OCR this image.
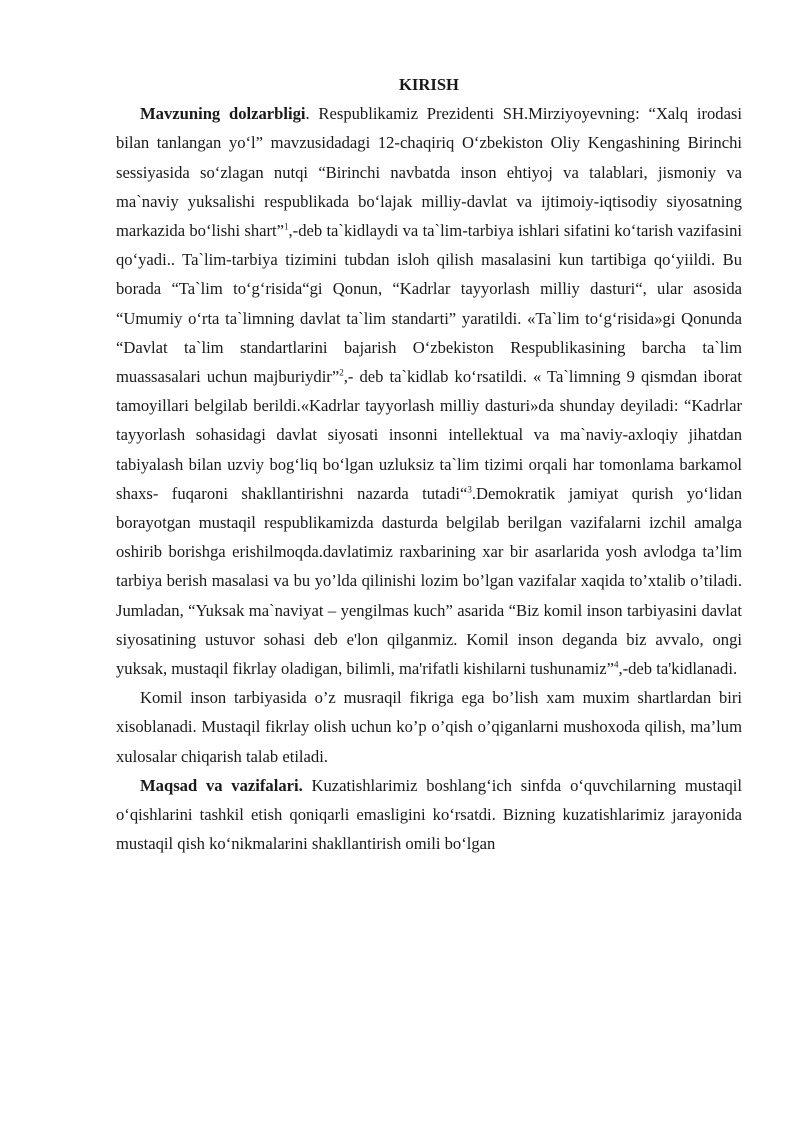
KIRISH

Mavzuning dolzarbligi. Respublikamiz Prezidenti SH.Mirziyoyevning: “Xalq irodasi bilan tanlangan yo‘l” mavzusidadagi 12-chaqiriq O‘zbekiston Oliy Kengashining Birinchi sessiyasida so‘zlagan nutqi “Birinchi navbatda inson ehtiyoj va talablari, jismoniy va ma`naviy yuksalishi respublikada bo‘lajak milliy-davlat va ijtimoiy-iqtisodiy siyosatning markazida bo‘lishi shart”$^1$,-deb ta`kidlaydi va ta`lim-tarbiya ishlari sifatini ko‘tarish vazifasini qo‘yadi.. Ta`lim-tarbiya tizimini tubdan isloh qilish masalasini kun tartibiga qo‘yiildi. Bu borada “Ta`lim to‘g‘risida“gi Qonun, “Kadrlar tayyorlash milliy dasturi“, ular asosida “Umumiy o‘rta ta`limning davlat ta`lim standarti” yaratildi. «Ta`lim to‘g‘risida»gi Qonunda “Davlat ta`lim standartlarini bajarish O‘zbekiston Respublikasining barcha ta`lim muassasalari uchun majburiydir”$^2$,- deb ta`kidlab ko‘rsatildi. « Ta`limning 9 qismdan iborat tamoyillari belgilab berildi.«Kadrlar tayyorlash milliy dasturi»da shunday deyiladi: “Kadrlar tayyorlash sohasidagi davlat siyosati insonni intellektual va ma`naviy-axloqiy jihatdan tabiyalash bilan uzviy bog‘liq bo‘lgan uzluksiz ta`lim tizimi orqali har tomonlama barkamol shaxs- fuqaroni shakllantirishni nazarda tutadi“$^3$.Demokratik jamiyat qurish yo‘lidan borayotgan mustaqil respublikamizda dasturda belgilab berilgan vazifalarni izchil amalga oshirib borishga erishilmoqda.davlatimiz raxbarining xar bir asarlarida yosh avlodga ta’lim tarbiya berish masalasi va bu yo’lda qilinishi lozim bo’lgan vazifalar xaqida to’xtalib o’tiladi. Jumladan, “Yuksak ma`naviyat – yengilmas kuch” asarida “Biz komil inson tarbiyasini davlat siyosatining ustuvor sohasi deb e'lon qilganmiz. Komil inson deganda biz avvalo, ongi yuksak, mustaqil fikrlay oladigan, bilimli, ma'rifatli kishilarni tushunamiz”$^4$,-deb ta'kidlanadi.

Komil inson tarbiyasida o’z musraqil fikriga ega bo’lish xam muxim shartlardan biri xisoblanadi. Mustaqil fikrlay olish uchun ko’p o’qish o’qiganlarni mushoxoda qilish, ma’lum xulosalar chiqarish talab etiladi.

Maqsad va vazifalari. Kuzatishlarimiz boshlang‘ich sinfda o‘quvchilarning mustaqil o‘qishlarini tashkil etish qoniqarli emasligini ko‘rsatdi. Bizning kuzatishlarimiz jarayonida mustaqil qish ko‘nikmalarini shakllantirish omili bo‘lgan
